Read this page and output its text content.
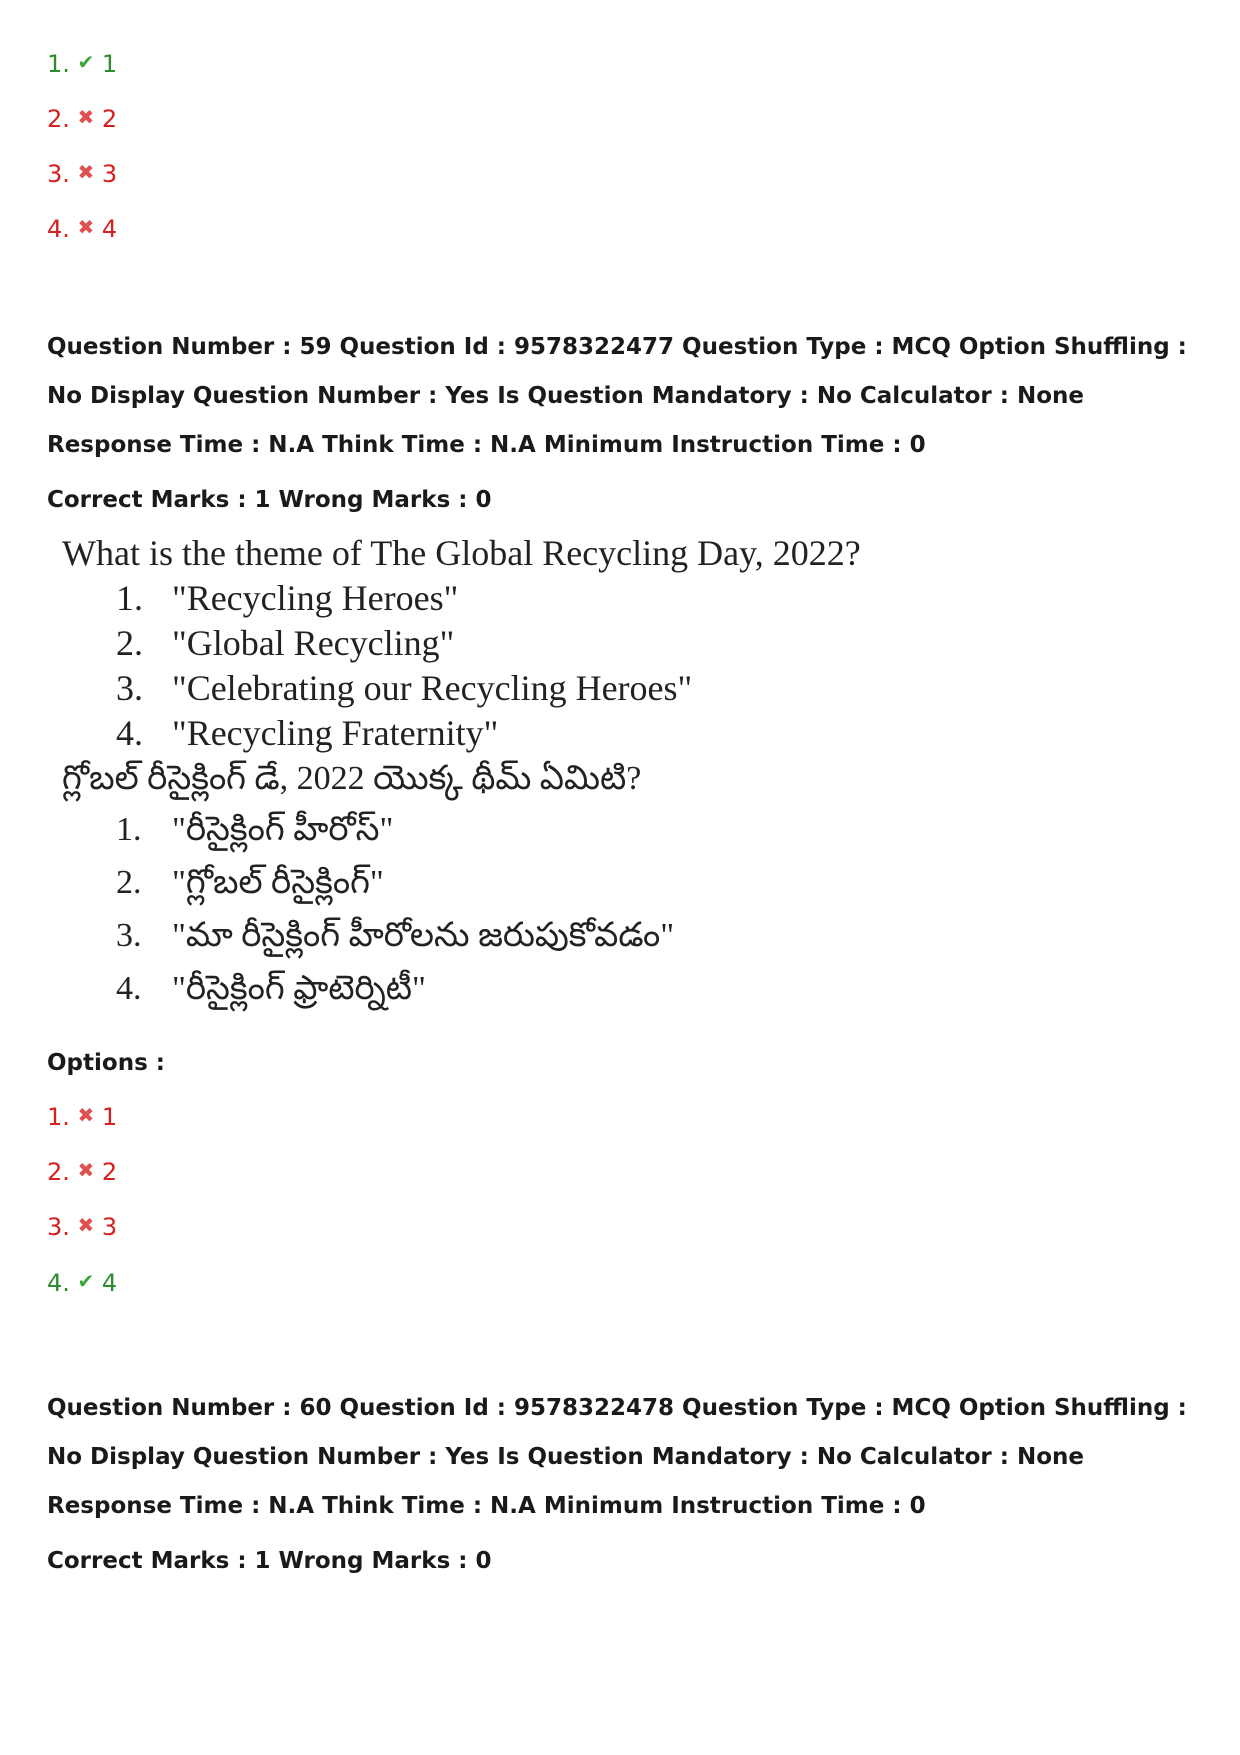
1. ✔ 1
2. ✖ 2
3. ✖ 3
4. ✖ 4
Question Number : 59 Question Id : 9578322477 Question Type : MCQ Option Shuffling : No Display Question Number : Yes Is Question Mandatory : No Calculator : None Response Time : N.A Think Time : N.A Minimum Instruction Time : 0
Correct Marks : 1 Wrong Marks : 0
What is the theme of The Global Recycling Day, 2022?
1. "Recycling Heroes"
2. "Global Recycling"
3. "Celebrating our Recycling Heroes"
4. "Recycling Fraternity"
గ్లోబల్ రీసైక్లింగ్ డే, 2022 యొక్క థీమ్ ఏమిటి?
1. "రీసైక్లింగ్ హీరోస్"
2. "గ్లోబల్ రీసైక్లింగ్"
3. "మా రీసైక్లింగ్ హీరోలను జరుపుకోవడం"
4. "రీసైక్లింగ్ ఫ్రాటెర్నిటీ"
Options :
1. ✖ 1
2. ✖ 2
3. ✖ 3
4. ✔ 4
Question Number : 60 Question Id : 9578322478 Question Type : MCQ Option Shuffling : No Display Question Number : Yes Is Question Mandatory : No Calculator : None Response Time : N.A Think Time : N.A Minimum Instruction Time : 0
Correct Marks : 1 Wrong Marks : 0
